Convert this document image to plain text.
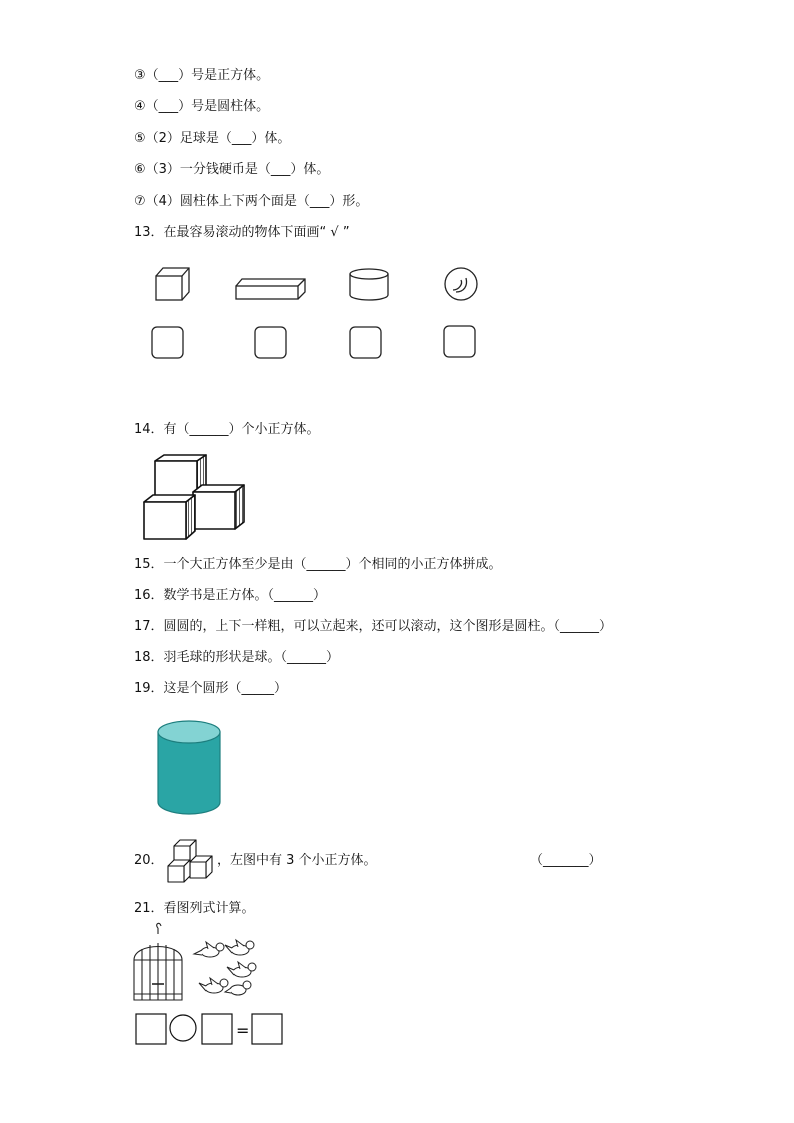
③（___）号是正方体。
④（___）号是圆柱体。
⑤（2）足球是（___）体。
⑥（3）一分钱硬币是（___）体。
⑦（4）圆柱体上下两个面是（___）形。
13．在最容易滚动的物体下面画“ √ ”
14．有（______）个小正方体。
15．一个大正方体至少是由（______）个相同的小正方体拼成。
16．数学书是正方体。（______）
17．圆圆的，上下一样粗，可以立起来，还可以滚动，这个图形是圆柱。（______）
18．羽毛球的形状是球。（______）
19．这是个圆形（_____）
20．	，左图中有 3 个小正方体。	（_______）
21．看图列式计算。
=
